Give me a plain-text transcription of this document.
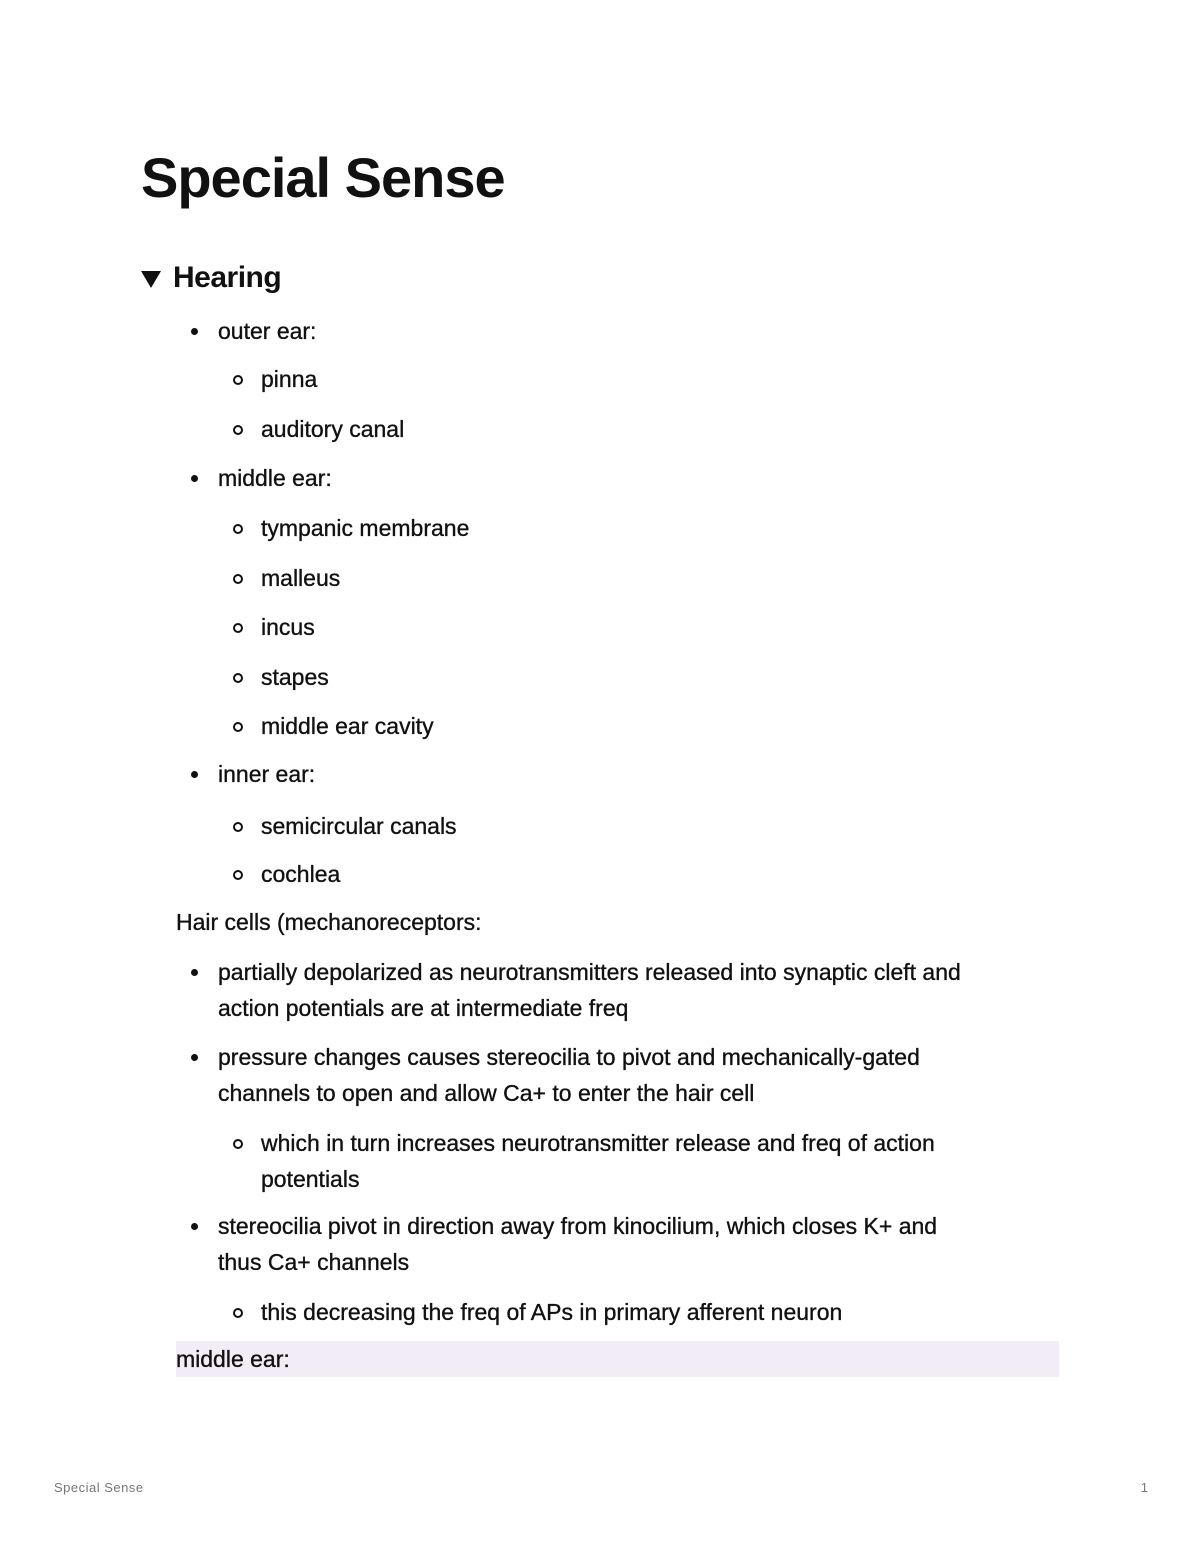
Special Sense
Hearing
outer ear:
pinna
auditory canal
middle ear:
tympanic membrane
malleus
incus
stapes
middle ear cavity
inner ear:
semicircular canals
cochlea
Hair cells (mechanoreceptors:
partially depolarized as neurotransmitters released into synaptic cleft and
action potentials are at intermediate freq
pressure changes causes stereocilia to pivot and mechanically-gated
channels to open and allow Ca+ to enter the hair cell
which in turn increases neurotransmitter release and freq of action
potentials
stereocilia pivot in direction away from kinocilium, which closes K+ and
thus Ca+ channels
this decreasing the freq of APs in primary afferent neuron
middle ear:
Special Sense	1
